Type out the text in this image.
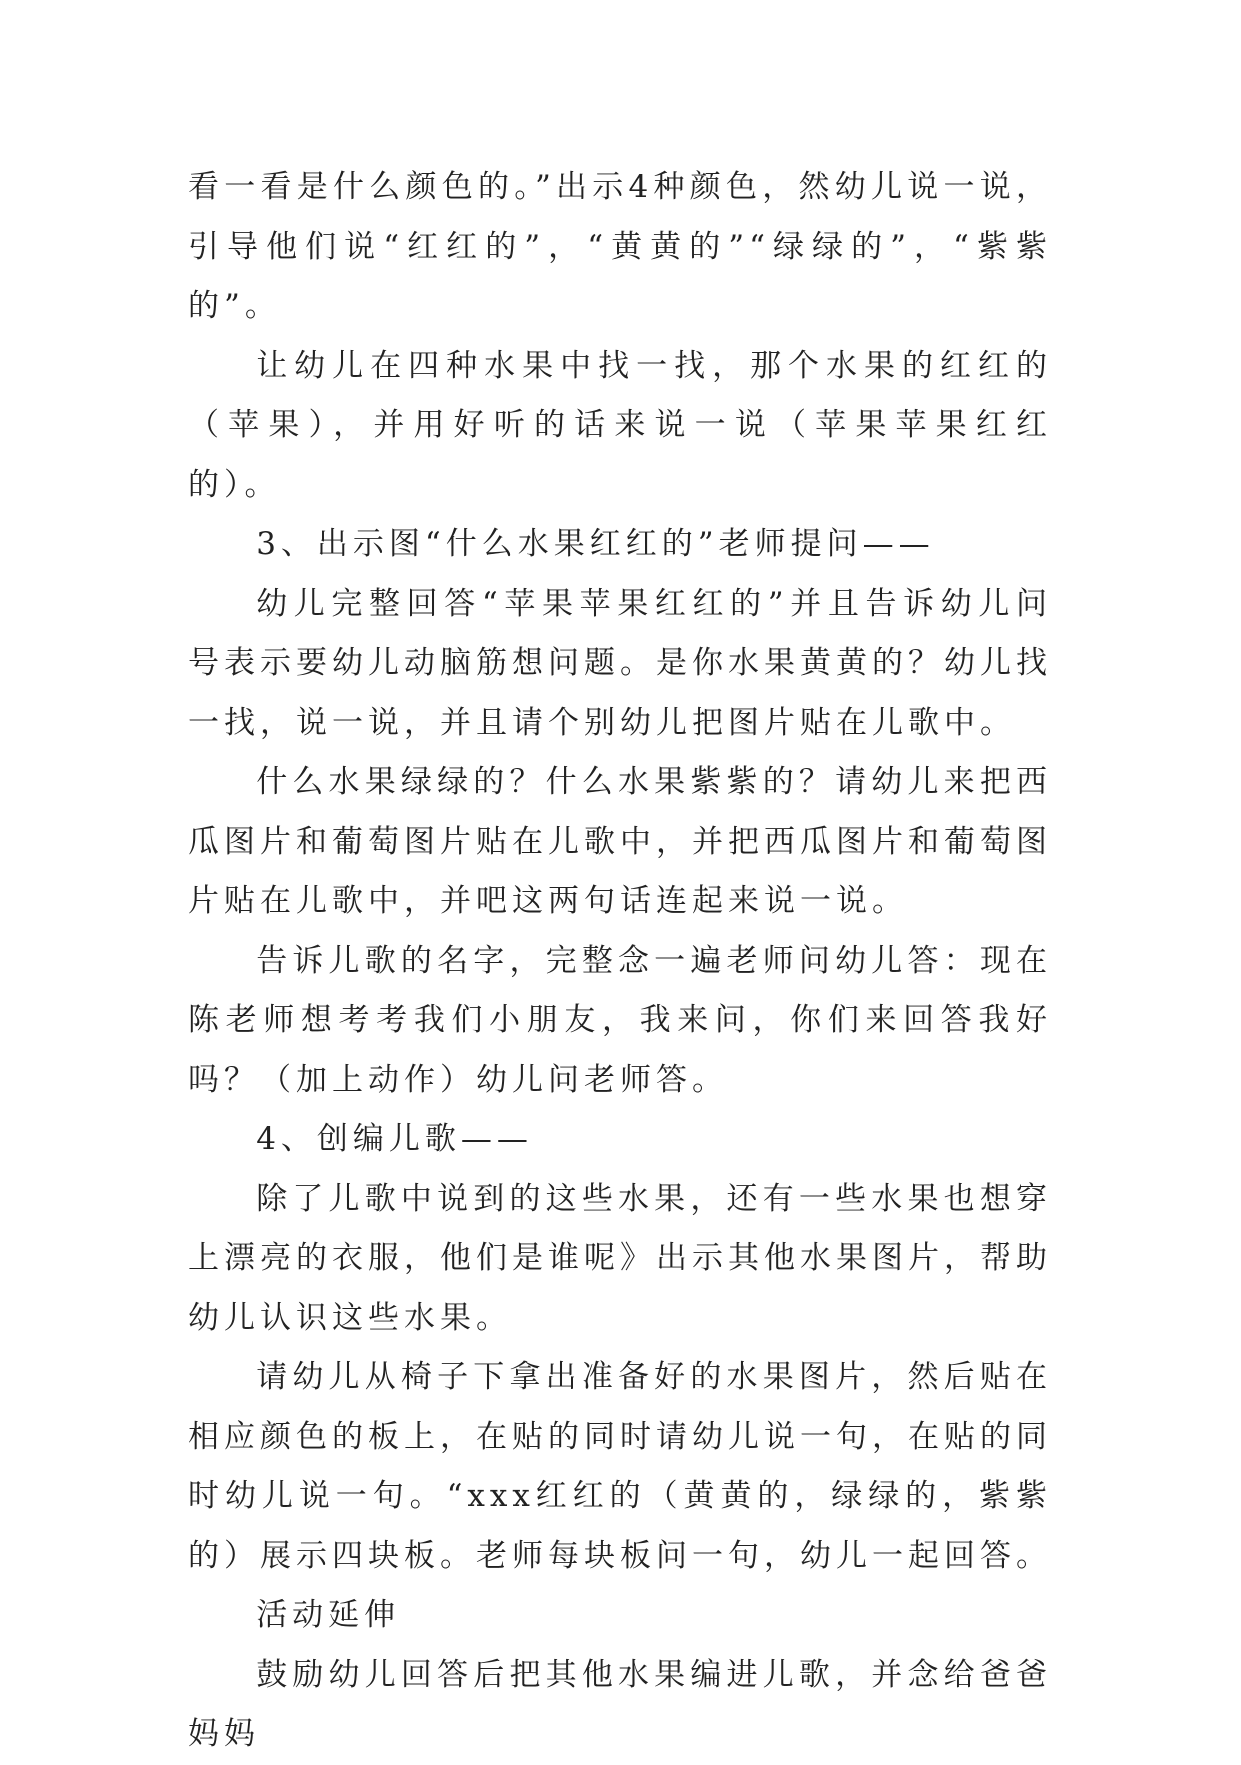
看一看是什么颜色的。”出示4种颜色，然幼儿说一说，引导他们说“红红的”，“黄黄的”“绿绿的”，“紫紫的”。

让幼儿在四种水果中找一找，那个水果的红红的（苹果），并用好听的话来说一说（苹果苹果红红的）。

3、出示图“什么水果红红的”老师提问——

幼儿完整回答“苹果苹果红红的”并且告诉幼儿问号表示要幼儿动脑筋想问题。是你水果黄黄的？幼儿找一找，说一说，并且请个别幼儿把图片贴在儿歌中。

什么水果绿绿的？什么水果紫紫的？请幼儿来把西瓜图片和葡萄图片贴在儿歌中，并把西瓜图片和葡萄图片贴在儿歌中，并吧这两句话连起来说一说。

告诉儿歌的名字，完整念一遍老师问幼儿答：现在陈老师想考考我们小朋友，我来问，你们来回答我好吗？（加上动作）幼儿问老师答。

4、创编儿歌——

除了儿歌中说到的这些水果，还有一些水果也想穿上漂亮的衣服，他们是谁呢》出示其他水果图片，帮助幼儿认识这些水果。

请幼儿从椅子下拿出准备好的水果图片，然后贴在相应颜色的板上，在贴的同时请幼儿说一句，在贴的同时幼儿说一句。“xxx红红的（黄黄的，绿绿的，紫紫的）展示四块板。老师每块板问一句，幼儿一起回答。

活动延伸

鼓励幼儿回答后把其他水果编进儿歌，并念给爸爸妈妈
